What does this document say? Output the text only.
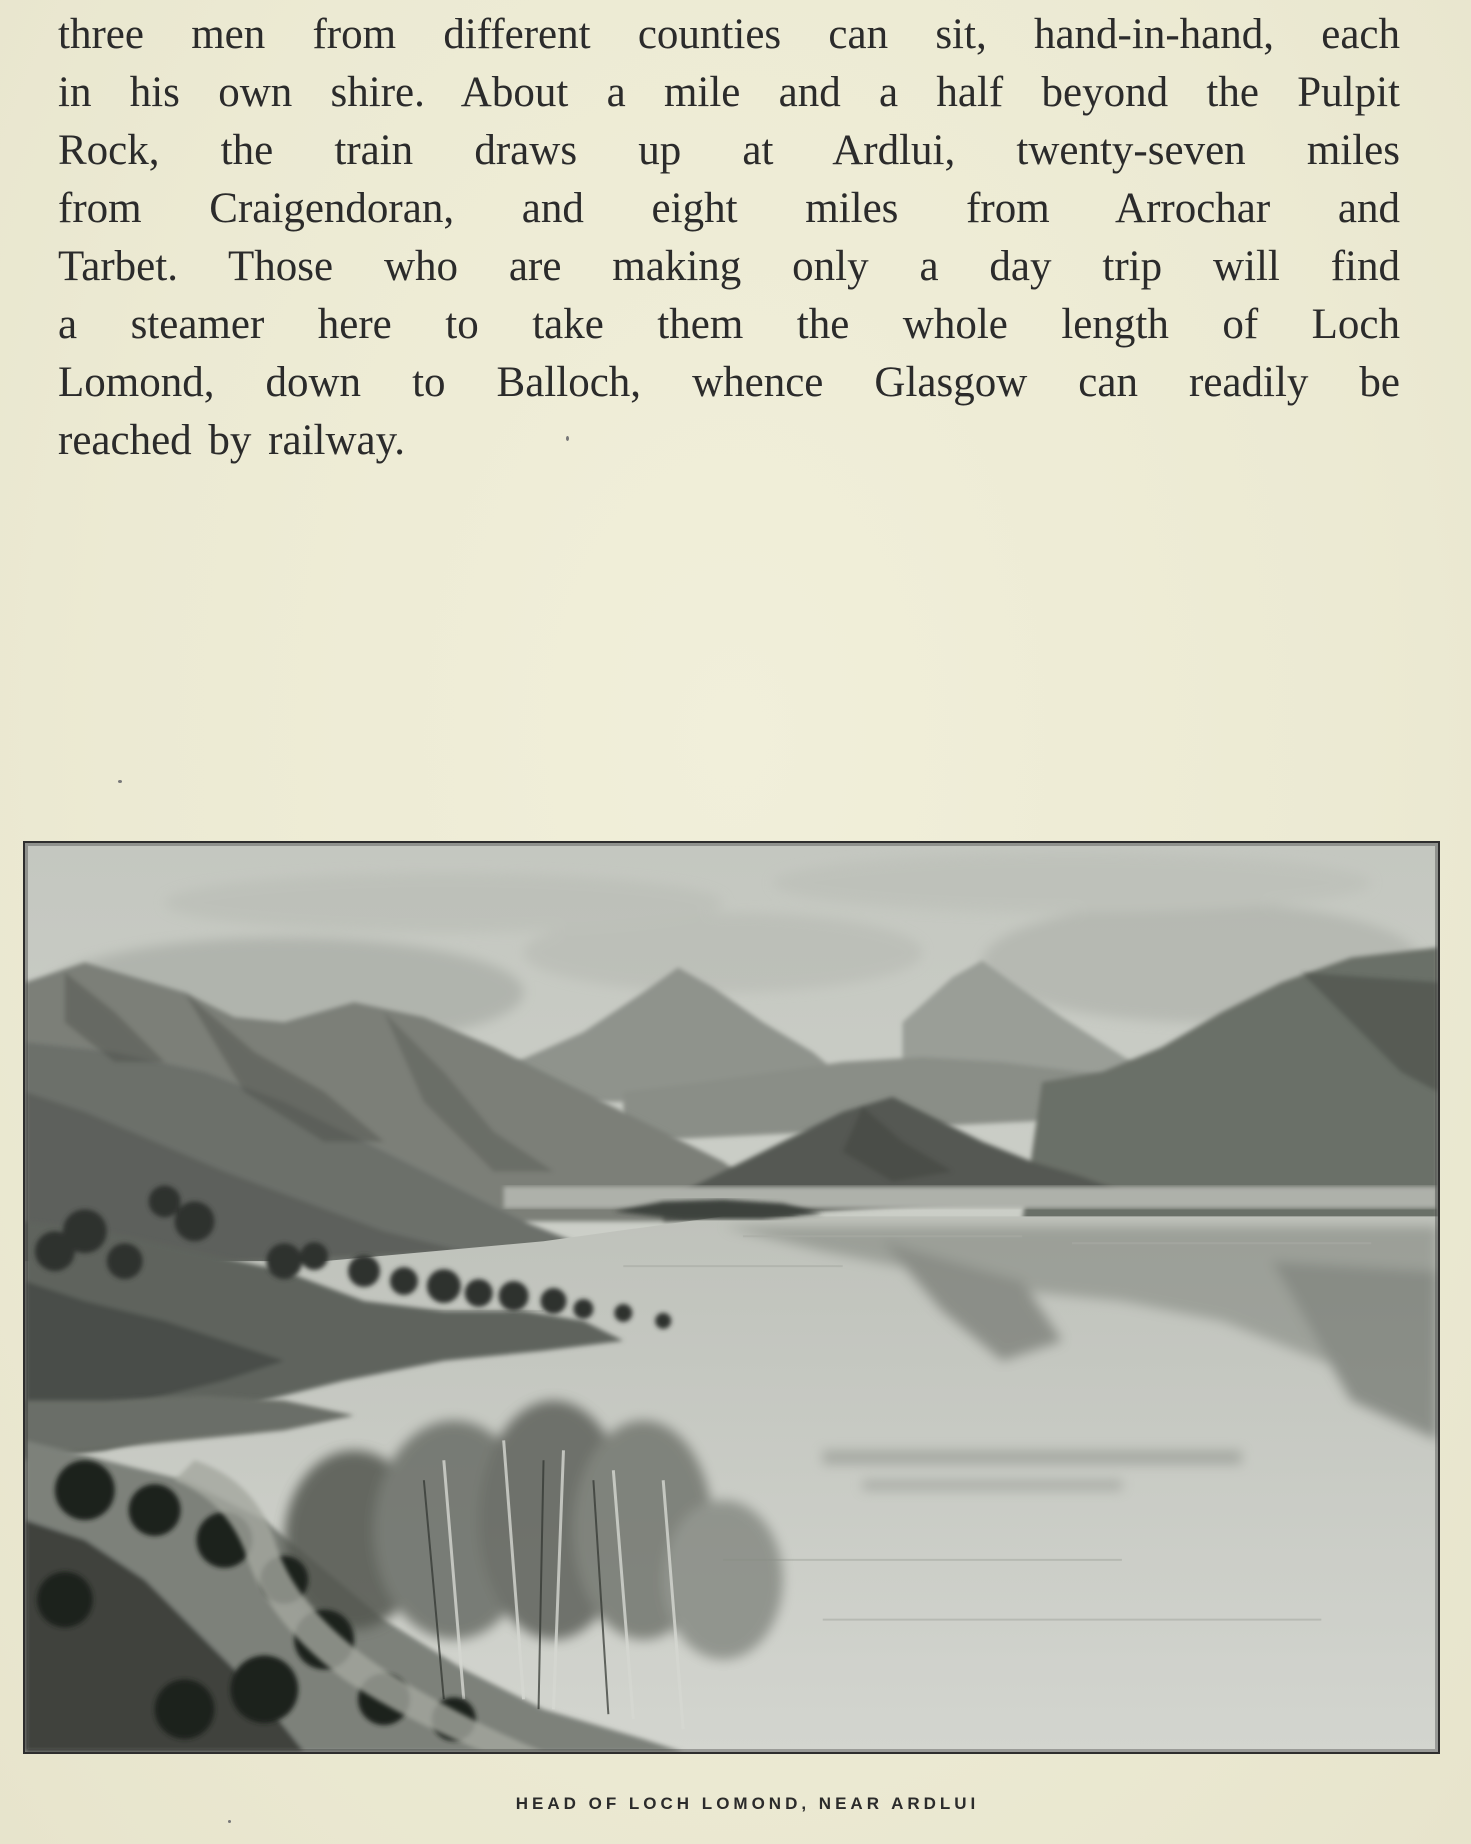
three men from different counties can sit, hand-in-hand, each
in his own shire. About a mile and a half beyond the Pulpit
Rock, the train draws up at Ardlui, twenty-seven miles
from Craigendoran, and eight miles from Arrochar and
Tarbet. Those who are making only a day trip will find
a steamer here to take them the whole length of Loch
Lomond, down to Balloch, whence Glasgow can readily be
reached by railway.
HEAD OF LOCH LOMOND, NEAR ARDLUI
